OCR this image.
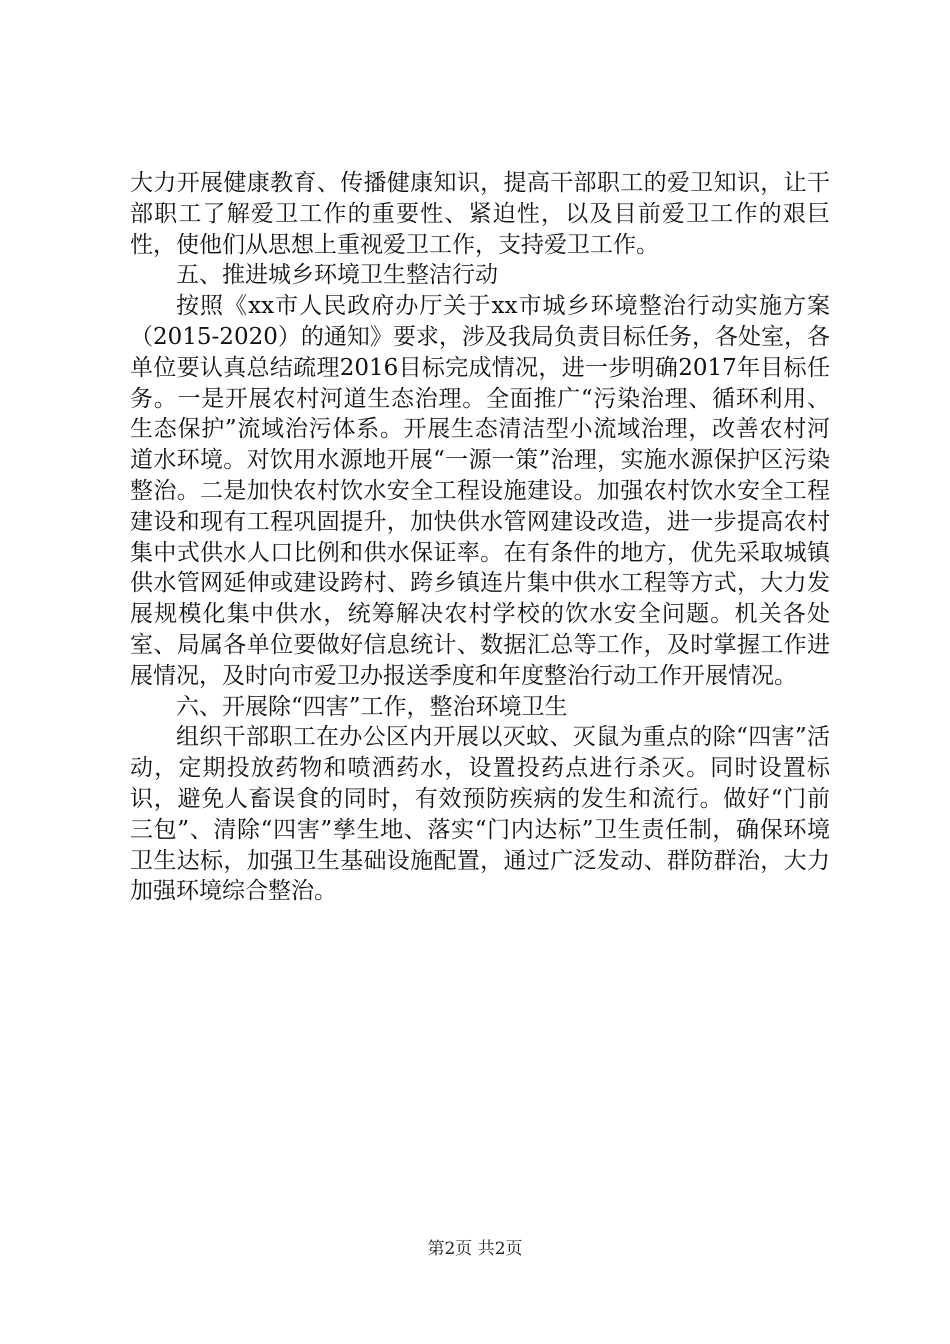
大力开展健康教育、传播健康知识，提高干部职工的爱卫知识，让干部职工了解爱卫工作的重要性、紧迫性，以及目前爱卫工作的艰巨性，使他们从思想上重视爱卫工作，支持爱卫工作。

五、推进城乡环境卫生整洁行动

按照《xx市人民政府办厅关于xx市城乡环境整治行动实施方案（2015-2020）的通知》要求，涉及我局负责目标任务，各处室，各单位要认真总结疏理2016目标完成情况，进一步明确2017年目标任务。一是开展农村河道生态治理。全面推广“污染治理、循环利用、生态保护”流域治污体系。开展生态清洁型小流域治理，改善农村河道水环境。对饮用水源地开展“一源一策”治理，实施水源保护区污染整治。二是加快农村饮水安全工程设施建设。加强农村饮水安全工程建设和现有工程巩固提升，加快供水管网建设改造，进一步提高农村集中式供水人口比例和供水保证率。在有条件的地方，优先采取城镇供水管网延伸或建设跨村、跨乡镇连片集中供水工程等方式，大力发展规模化集中供水，统筹解决农村学校的饮水安全问题。机关各处室、局属各单位要做好信息统计、数据汇总等工作，及时掌握工作进展情况，及时向市爱卫办报送季度和年度整治行动工作开展情况。

六、开展除“四害”工作，整治环境卫生

组织干部职工在办公区内开展以灭蚊、灭鼠为重点的除“四害”活动，定期投放药物和喷洒药水，设置投药点进行杀灭。同时设置标识，避免人畜误食的同时，有效预防疾病的发生和流行。做好“门前三包”、清除“四害”孳生地、落实“门内达标”卫生责任制，确保环境卫生达标，加强卫生基础设施配置，通过广泛发动、群防群治，大力加强环境综合整治。

第2页 共2页
